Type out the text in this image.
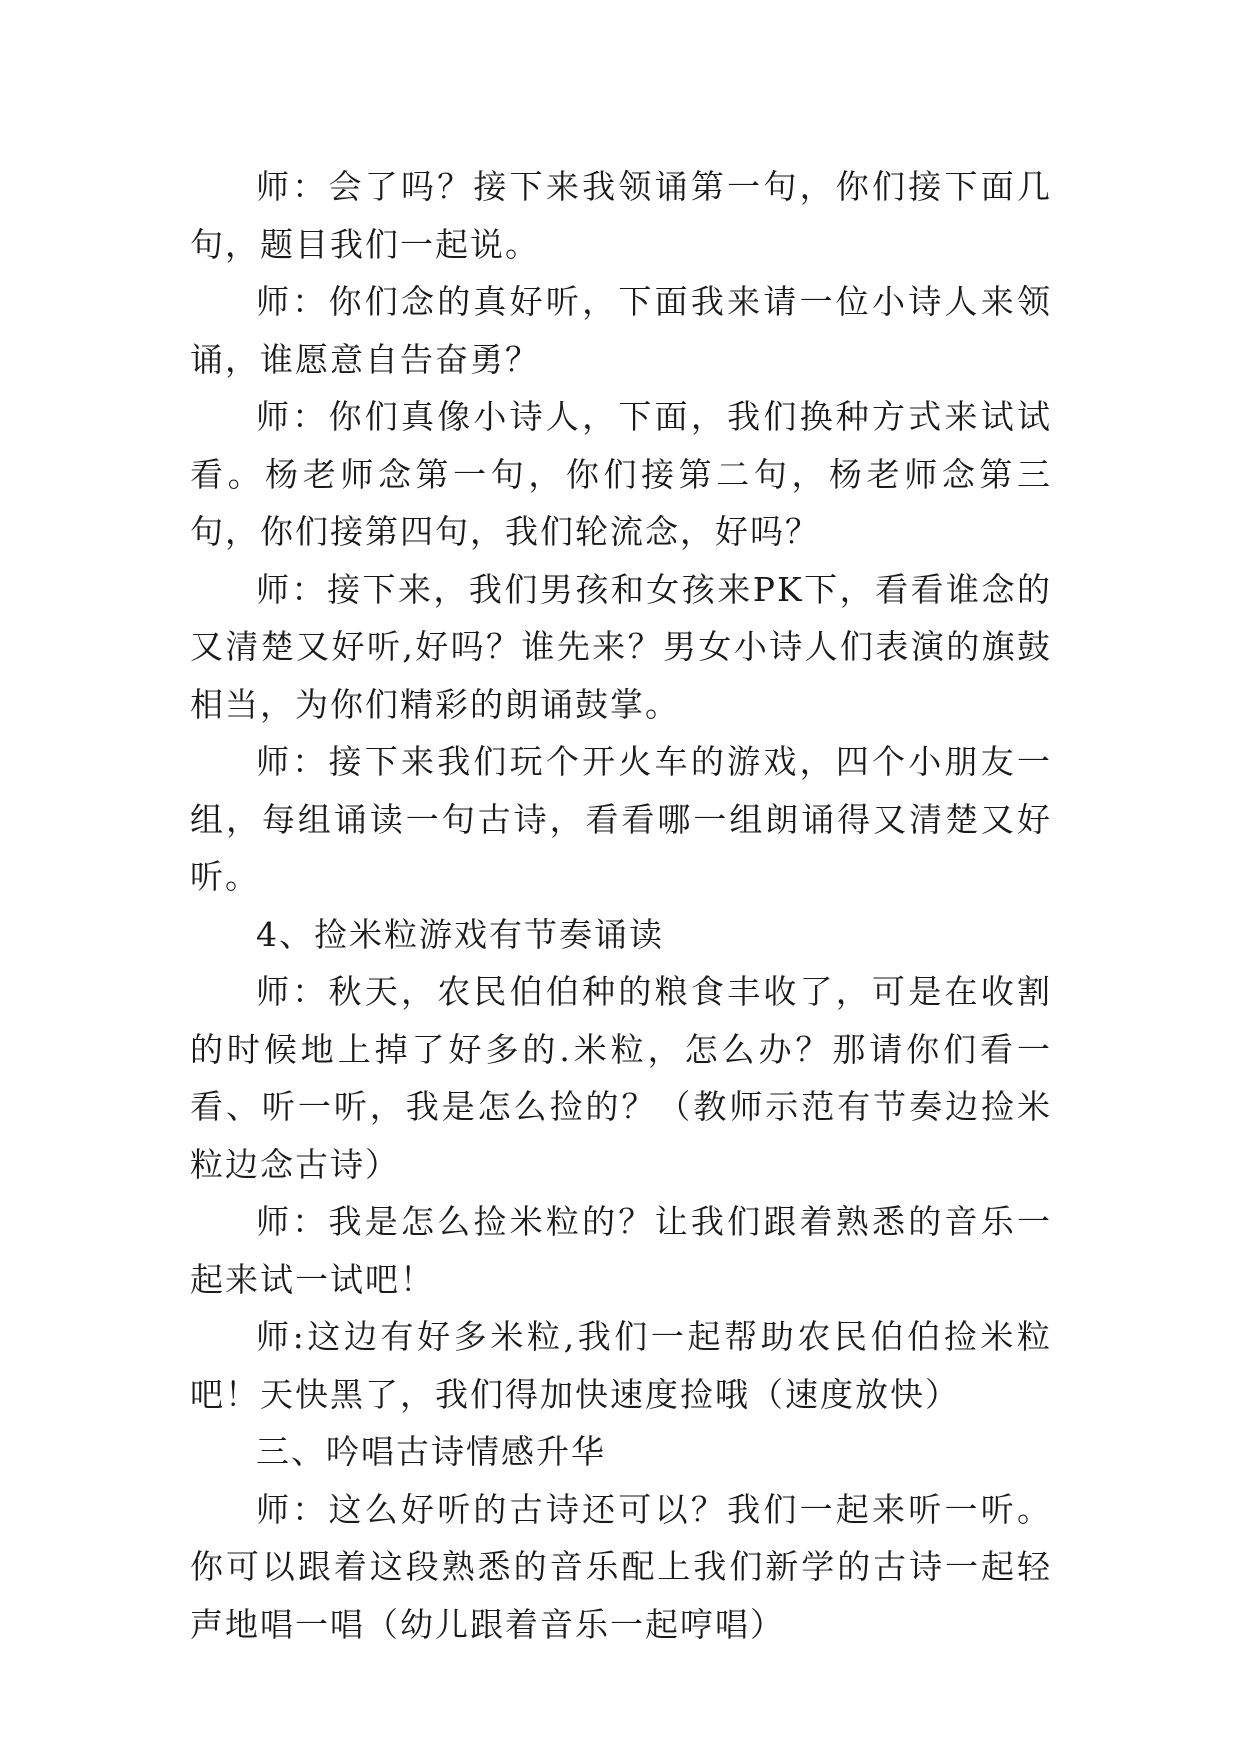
师：会了吗？接下来我领诵第一句，你们接下面几句，题目我们一起说。

师：你们念的真好听，下面我来请一位小诗人来领诵，谁愿意自告奋勇？

师：你们真像小诗人，下面，我们换种方式来试试看。杨老师念第一句，你们接第二句，杨老师念第三句，你们接第四句，我们轮流念，好吗？

师：接下来，我们男孩和女孩来PK下，看看谁念的又清楚又好听,好吗？谁先来？男女小诗人们表演的旗鼓相当，为你们精彩的朗诵鼓掌。

师：接下来我们玩个开火车的游戏，四个小朋友一组，每组诵读一句古诗，看看哪一组朗诵得又清楚又好听。

4、捡米粒游戏有节奏诵读

师：秋天，农民伯伯种的粮食丰收了，可是在收割的时候地上掉了好多的.米粒，怎么办？那请你们看一看、听一听，我是怎么捡的？（教师示范有节奏边捡米粒边念古诗）

师：我是怎么捡米粒的？让我们跟着熟悉的音乐一起来试一试吧！

师:这边有好多米粒,我们一起帮助农民伯伯捡米粒吧！天快黑了，我们得加快速度捡哦（速度放快）

三、吟唱古诗情感升华

师：这么好听的古诗还可以？我们一起来听一听。你可以跟着这段熟悉的音乐配上我们新学的古诗一起轻声地唱一唱（幼儿跟着音乐一起哼唱）
